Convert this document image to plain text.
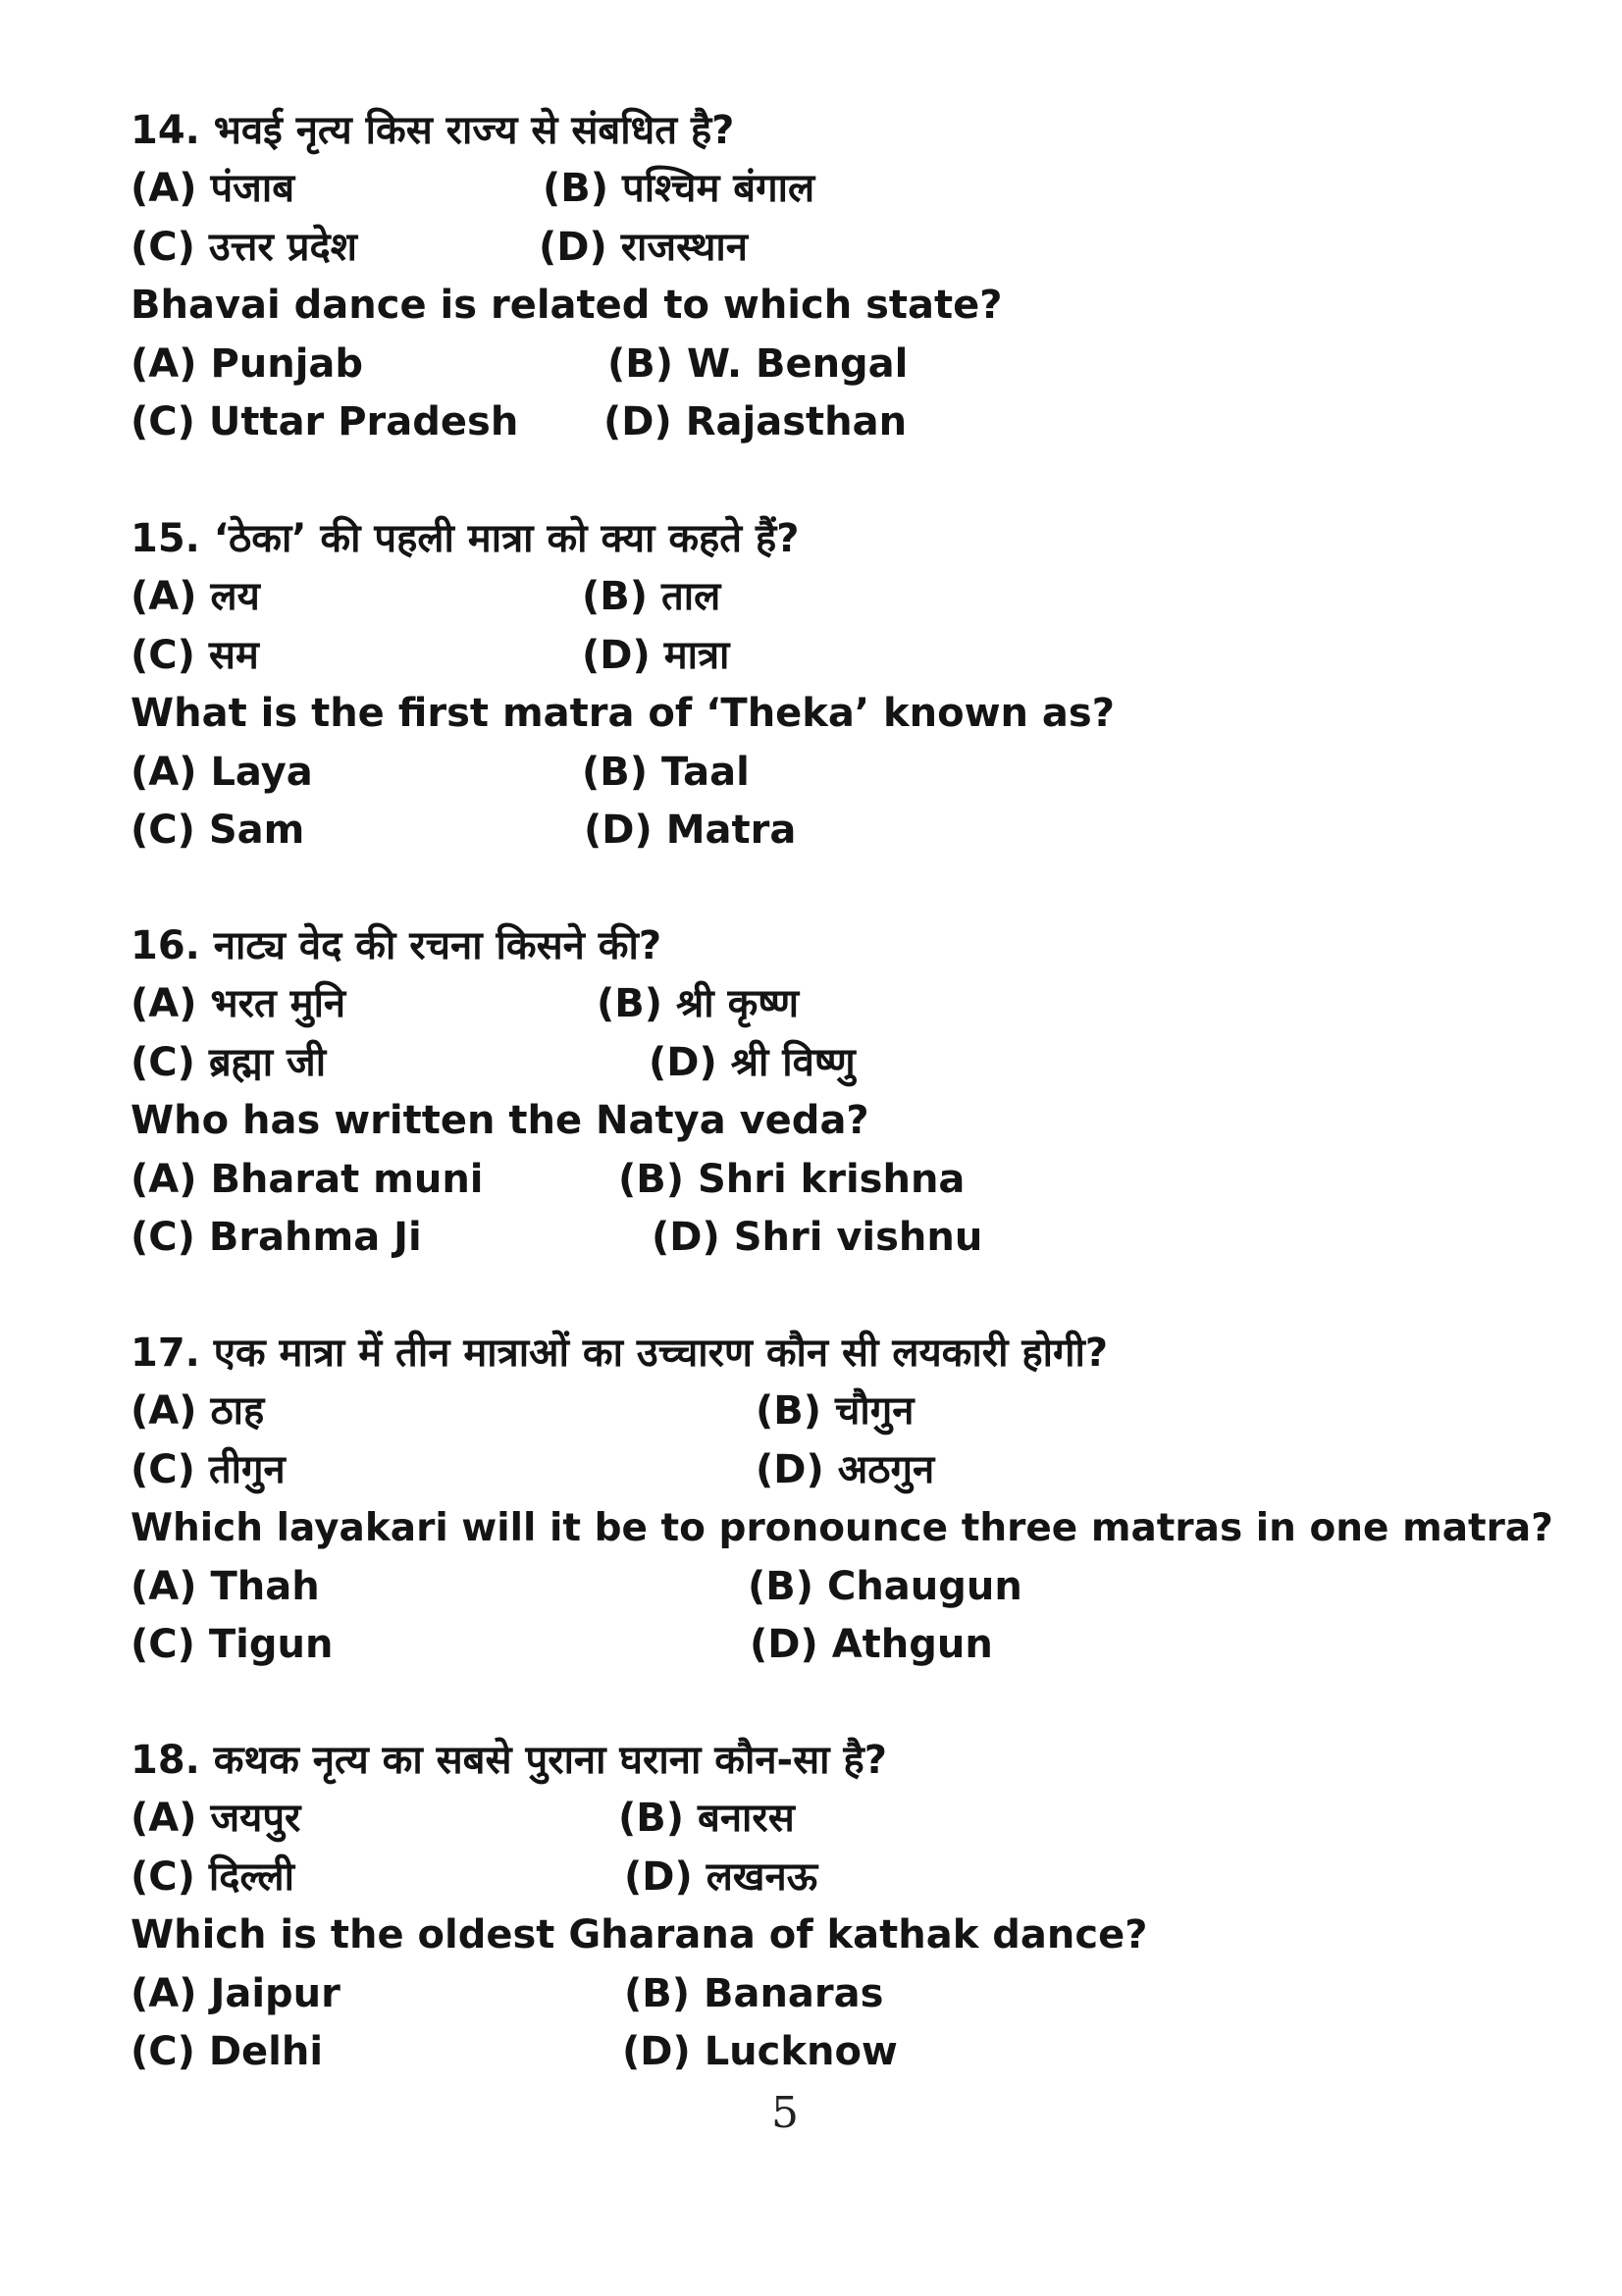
14. भवई नृत्य किस राज्य से संबधित है?
(A) पंजाब	(B) पश्चिम बंगाल
(C) उत्तर प्रदेश	(D) राजस्थान
Bhavai dance is related to which state?
(A) Punjab	(B) W. Bengal
(C) Uttar Pradesh (D) Rajasthan
15. ‘ठेका’ की पहली मात्रा को क्या कहते हैं?
(A) लय	(B) ताल
(C) सम	(D) मात्रा
What is the first matra of ‘Theka’ known as?
(A) Laya	(B) Taal
(C) Sam	(D) Matra
16. नाट्य वेद की रचना किसने की?
(A) भरत मुनि	(B) श्री कृष्ण
(C) ब्रह्मा जी	(D) श्री विष्णु
Who has written the Natya veda?
(A) Bharat muni	(B) Shri krishna
(C) Brahma Ji	(D) Shri vishnu
17. एक मात्रा में तीन मात्राओं का उच्चारण कौन सी लयकारी होगी?
(A) ठाह	(B) चौगुन
(C) तीगुन	(D) अठगुन
Which layakari will it be to pronounce three matras in one matra?
(A) Thah	(B) Chaugun
(C) Tigun	(D) Athgun
18. कथक नृत्य का सबसे पुराना घराना कौन-सा है?
(A) जयपुर	(B) बनारस
(C) दिल्ली	(D) लखनऊ
Which is the oldest Gharana of kathak dance?
(A) Jaipur	(B) Banaras
(C) Delhi	(D) Lucknow
5
